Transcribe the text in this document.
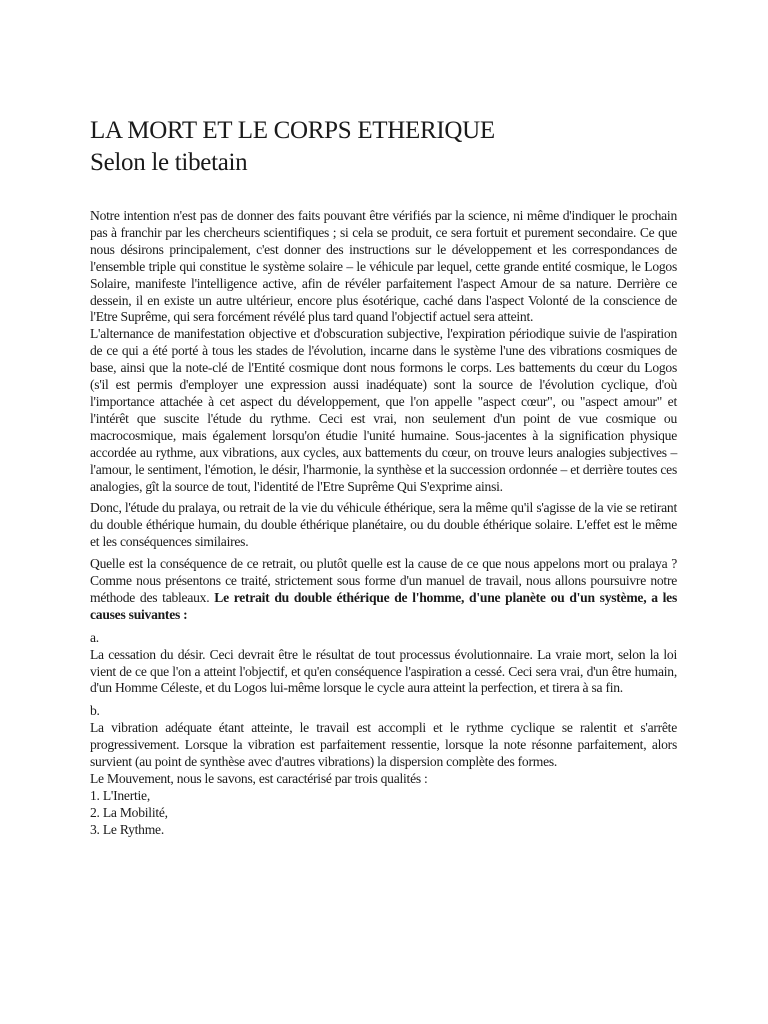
LA MORT ET LE CORPS ETHERIQUE
Selon le tibetain

Notre intention n'est pas de donner des faits pouvant être vérifiés par la science, ni même d'indiquer le prochain pas à franchir par les chercheurs scientifiques ; si cela se produit, ce sera fortuit et purement secondaire. Ce que nous désirons principalement, c'est donner des instructions sur le développement et les correspondances de l'ensemble triple qui constitue le système solaire – le véhicule par lequel, cette grande entité cosmique, le Logos Solaire, manifeste l'intelligence active, afin de révéler parfaitement l'aspect Amour de sa nature. Derrière ce dessein, il en existe un autre ultérieur, encore plus ésotérique, caché dans l'aspect Volonté de la conscience de l'Etre Suprême, qui sera forcément révélé plus tard quand l'objectif actuel sera atteint.

L'alternance de manifestation objective et d'obscuration subjective, l'expiration périodique suivie de l'aspiration de ce qui a été porté à tous les stades de l'évolution, incarne dans le système l'une des vibrations cosmiques de base, ainsi que la note-clé de l'Entité cosmique dont nous formons le corps. Les battements du cœur du Logos (s'il est permis d'employer une expression aussi inadéquate) sont la source de l'évolution cyclique, d'où l'importance attachée à cet aspect du développement, que l'on appelle "aspect cœur", ou "aspect amour" et l'intérêt que suscite l'étude du rythme. Ceci est vrai, non seulement d'un point de vue cosmique ou macrocosmique, mais également lorsqu'on étudie l'unité humaine. Sous-jacentes à la signification physique accordée au rythme, aux vibrations, aux cycles, aux battements du cœur, on trouve leurs analogies subjectives – l'amour, le sentiment, l'émotion, le désir, l'harmonie, la synthèse et la succession ordonnée – et derrière toutes ces analogies, gît la source de tout, l'identité de l'Etre Suprême Qui S'exprime ainsi.

Donc, l'étude du pralaya, ou retrait de la vie du véhicule éthérique, sera la même qu'il s'agisse de la vie se retirant du double éthérique humain, du double éthérique planétaire, ou du double éthérique solaire. L'effet est le même et les conséquences similaires.

Quelle est la conséquence de ce retrait, ou plutôt quelle est la cause de ce que nous appelons mort ou pralaya ? Comme nous présentons ce traité, strictement sous forme d'un manuel de travail, nous allons poursuivre notre méthode des tableaux. Le retrait du double éthérique de l'homme, d'une planète ou d'un système, a les causes suivantes :

a.

La cessation du désir. Ceci devrait être le résultat de tout processus évolutionnaire. La vraie mort, selon la loi vient de ce que l'on a atteint l'objectif, et qu'en conséquence l'aspiration a cessé. Ceci sera vrai, d'un être humain, d'un Homme Céleste, et du Logos lui-même lorsque le cycle aura atteint la perfection, et tirera à sa fin.

b.

La vibration adéquate étant atteinte, le travail est accompli et le rythme cyclique se ralentit et s'arrête progressivement. Lorsque la vibration est parfaitement ressentie, lorsque la note résonne parfaitement, alors survient (au point de synthèse avec d'autres vibrations) la dispersion complète des formes.

Le Mouvement, nous le savons, est caractérisé par trois qualités :

1. L'Inertie,

2. La Mobilité,

3. Le Rythme.
